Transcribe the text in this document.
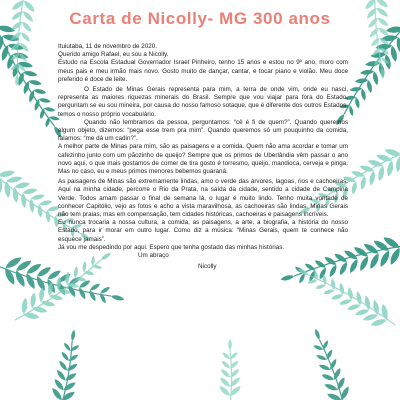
Carta de Nicolly- MG 300 anos

Ituiutaba, 11 de novembro de 2020.

Querido amigo Rafael, eu sou a Nicolly.

Estudo na Escola Estadual Governador Israel Pinheiro, tenho 15 anos e estou no 9º ano, moro com meus pais e meu irmão mais novo. Gosto muito de dançar, cantar, e tocar piano e violão. Meu doce preferido é doce de leite.

O Estado de Minas Gerais representa para mim, a terra de onde vim, onde eu nasci, representa as maiores riquezas minerais do Brasil. Sempre que vou viajar para fora do Estado, perguntam se eu sou mineira, por causa do nosso famoso sotaque, que é diferente dos outros Estados, temos o nosso próprio vocabulário.

Quando não lembramos da pessoa, perguntamos: “cê é fi de quem?”. Quando queremos algum objeto, dizemos: “pega esse trem pra mim”. Quando queremos só um pouquinho da comida, falamos: “me dá um cadin?”.

A melhor parte de Minas para mim, são as paisagens e a comida. Quem não ama acordar e tomar um cafezinho junto com um pãozinho de queijo? Sempre que os primos de Uberlândia vêm passar o ano novo aqui, o que mais gostamos de comer de tira gosto é torresmo, queijo, mandioca, cerveja e pinga. Mas no caso, eu e meus primos menores bebemos guaraná.

As paisagens de Minas são extremamente lindas, amo o verde das árvores, lagoas, rios e cachoeiras. Aqui na minha cidade, percorre o Rio da Prata, na saída da cidade, sentido a cidade de Campina Verde. Todos amam passar o final de semana lá, o lugar é muito lindo. Tenho muita vontade de conhecer Capitólio, vejo as fotos e acho a vista maravilhosa, as cachoeiras são lindas. Minas Gerais não tem praias, mas em compensação, tem cidades históricas, cachoeiras e paisagens incríveis.

Eu nunca trocaria a nossa cultura, a comida, as paisagens, a arte, a biografia, a história do nosso Estado, para ir morar em outro lugar. Como diz a música: “Minas Gerais, quem te conhece não esquece jamais”.

Já vou me despedindo por aqui. Espero que tenha gostado das minhas histórias.

Um abraço

Nicolly
